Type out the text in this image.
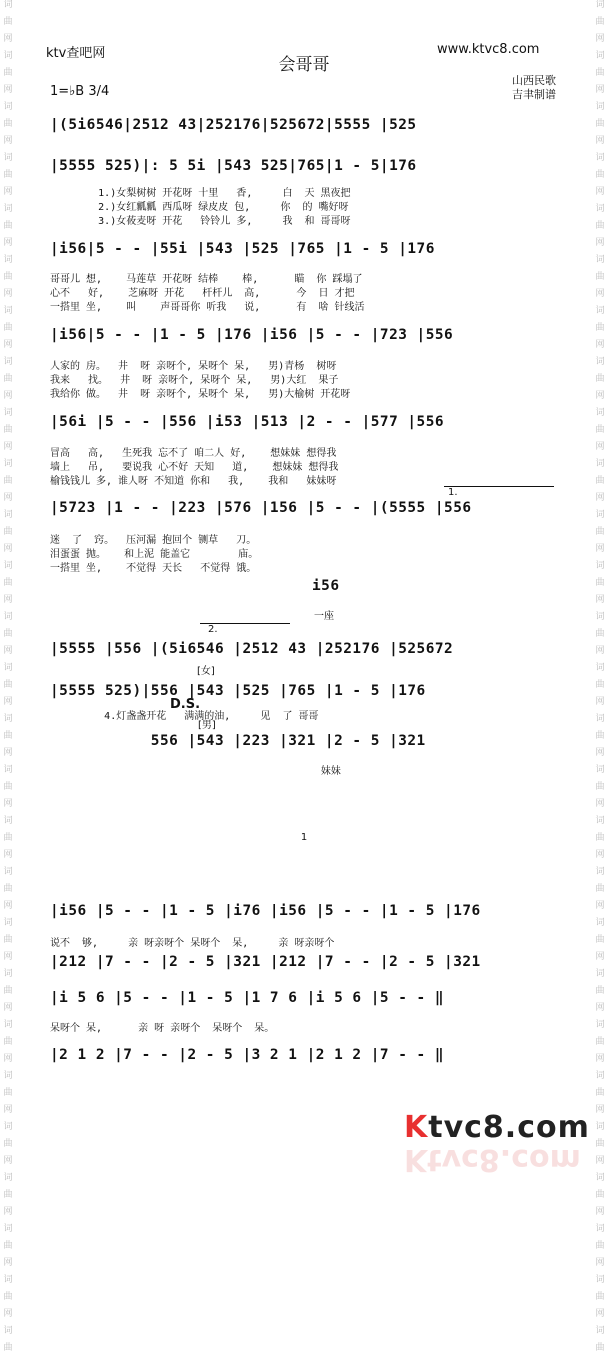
词
曲
网
词
曲
网
词
曲
网
词
曲
网
词
曲
网
词
曲
网
词
曲
网
词
曲
网
词
曲
网
词
曲
网
词
曲
网
词
曲
网
词
曲
网
词
曲
网
词
曲
网
词
曲
网
词
曲
网
词
曲
网
词
曲
网
词
曲
网
词
曲
网
词
曲
网
词
曲
网
词
曲
网
词
曲
网
词
曲
网
词
曲
词
曲
网
词
曲
网
词
曲
网
词
曲
网
词
曲
网
词
曲
网
词
曲
网
词
曲
网
词
曲
网
词
曲
网
词
曲
网
词
曲
网
词
曲
网
词
曲
网
词
曲
网
词
曲
网
词
曲
网
词
曲
网
词
曲
网
词
曲
网
词
曲
网
词
曲
网
词
曲
网
词
曲
网
词
曲
网
词
曲
网
词
曲
ktv查吧网	www.ktvc8.com
会哥哥
1=♭B 3/4
山西民歌
吉聿制谱
|(5i6546|2512 43|252176|525672|5555 |525
|5555 525)|: 5 5i |543 525|765|1 - 5|176
1.)女梨树树 开花呀 十里   香,     白  天 黑夜把
2.)女红瓤瓤 西瓜呀 绿皮皮 包,     你  的 嘴好呀
3.)女莜麦呀 开花   铃铃儿 多,     我  和 哥哥呀
|i56|5 - - |55i |543 |525 |765 |1 - 5 |176
哥哥儿 想,    马莲草 开花呀 结棒    棒,      瞄  你 踩塌了
心不   好,    芝麻呀 开花   杆杆儿  高,      今  日 才把
一搭里 坐,    叫    声哥哥你 听我   说,      有  啥 针线活
|i56|5 - - |1 - 5 |176 |i56 |5 - - |723 |556
人家的 房。  井  呀 亲呀个, 呆呀个 呆,   男)青杨  树呀
我来   找。  井  呀 亲呀个, 呆呀个 呆,   男)大红  果子
我给你 做。  井  呀 亲呀个, 呆呀个 呆,   男)大榆树 开花呀
|56i |5 - - |556 |i53 |513 |2 - - |577 |556
冒高   高,   生死我 忘不了 咱二人 好,    想妹妹 想得我
墙上   吊,   要说我 心不好 天知   道,    想妹妹 想得我
榆钱钱儿 多, 谁人呀 不知道 你和   我,    我和   妹妹呀
1.
|5723 |1 - - |223 |576 |156 |5 - - |(5555 |556
迷  了  窍。  压河漏 抱回个 铡草   刀。
泪蛋蛋 抛。   和上泥 能盖它        庙。
一搭里 坐,    不觉得 天长   不觉得 饿。
i56
一座
2.
|5555 |556 |(5i6546 |2512 43 |252176 |525672
[女]
|5555 525)|556 |543 |525 |765 |1 - 5 |176
D.S.
[男]
4.灯盏盏开花   满满的油,     见  了 哥哥
556 |543 |223 |321 |2 - 5 |321
妹妹
1
|i56 |5 - - |1 - 5 |i76 |i56 |5 - - |1 - 5 |176
说不  够,     亲 呀亲呀个 呆呀个  呆,     亲 呀亲呀个
|212 |7 - - |2 - 5 |321 |212 |7 - - |2 - 5 |321
|i 5 6 |5 - - |1 - 5 |1 7 6 |i 5 6 |5 - - ‖
呆呀个 呆,      亲 呀 亲呀个  呆呀个  呆。
|2 1 2 |7 - - |2 - 5 |3 2 1 |2 1 2 |7 - - ‖
Ktvc8.com
Ktvc8.com
